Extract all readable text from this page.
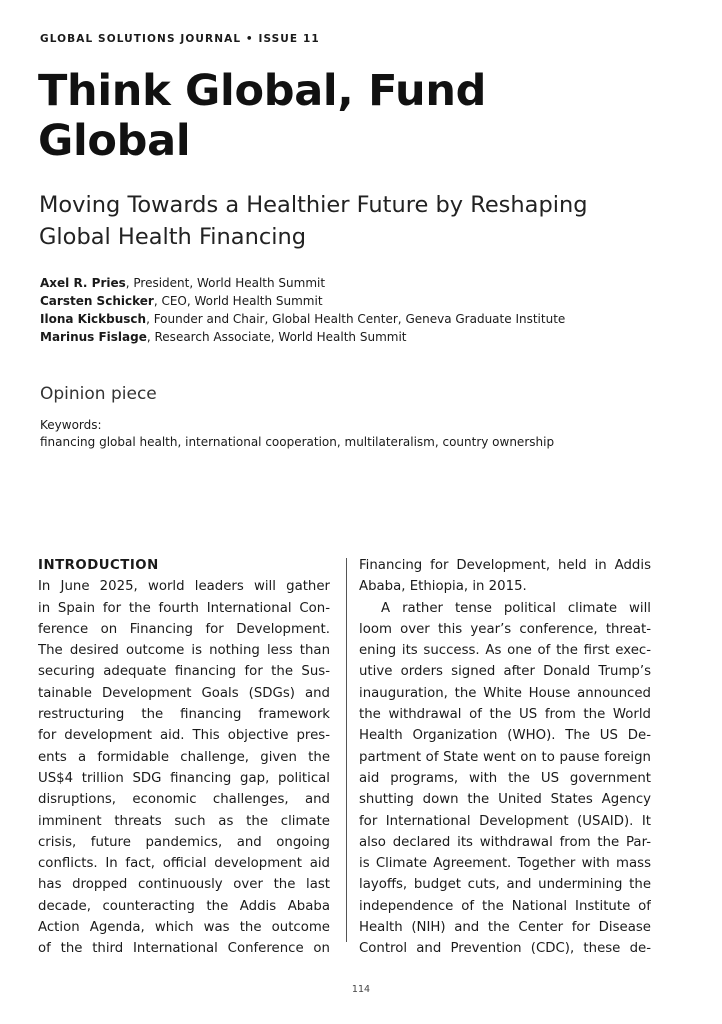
GLOBAL SOLUTIONS JOURNAL • ISSUE 11
Think Global, Fund
Global
Moving Towards a Healthier Future by Reshaping
Global Health Financing
Axel R. Pries, President, World Health Summit
Carsten Schicker, CEO, World Health Summit
Ilona Kickbusch, Founder and Chair, Global Health Center, Geneva Graduate Institute
Marinus Fislage, Research Associate, World Health Summit
Opinion piece
Keywords:
financing global health, international cooperation, multilateralism, country ownership
INTRODUCTION
In June 2025, world leaders will gather
in Spain for the fourth International Con-
ference on Financing for Development.
The desired outcome is nothing less than
securing adequate financing for the Sus-
tainable Development Goals (SDGs) and
restructuring the financing framework
for development aid. This objective pres-
ents a formidable challenge, given the
US$4 trillion SDG financing gap, political
disruptions, economic challenges, and
imminent threats such as the climate
crisis, future pandemics, and ongoing
conflicts. In fact, official development aid
has dropped continuously over the last
decade, counteracting the Addis Ababa
Action Agenda, which was the outcome
of the third International Conference on
Financing for Development, held in Addis
Ababa, Ethiopia, in 2015.
A rather tense political climate will
loom over this year’s conference, threat-
ening its success. As one of the first exec-
utive orders signed after Donald Trump’s
inauguration, the White House announced
the withdrawal of the US from the World
Health Organization (WHO). The US De-
partment of State went on to pause foreign
aid programs, with the US government
shutting down the United States Agency
for International Development (USAID). It
also declared its withdrawal from the Par-
is Climate Agreement. Together with mass
layoffs, budget cuts, and undermining the
independence of the National Institute of
Health (NIH) and the Center for Disease
Control and Prevention (CDC), these de-
114
